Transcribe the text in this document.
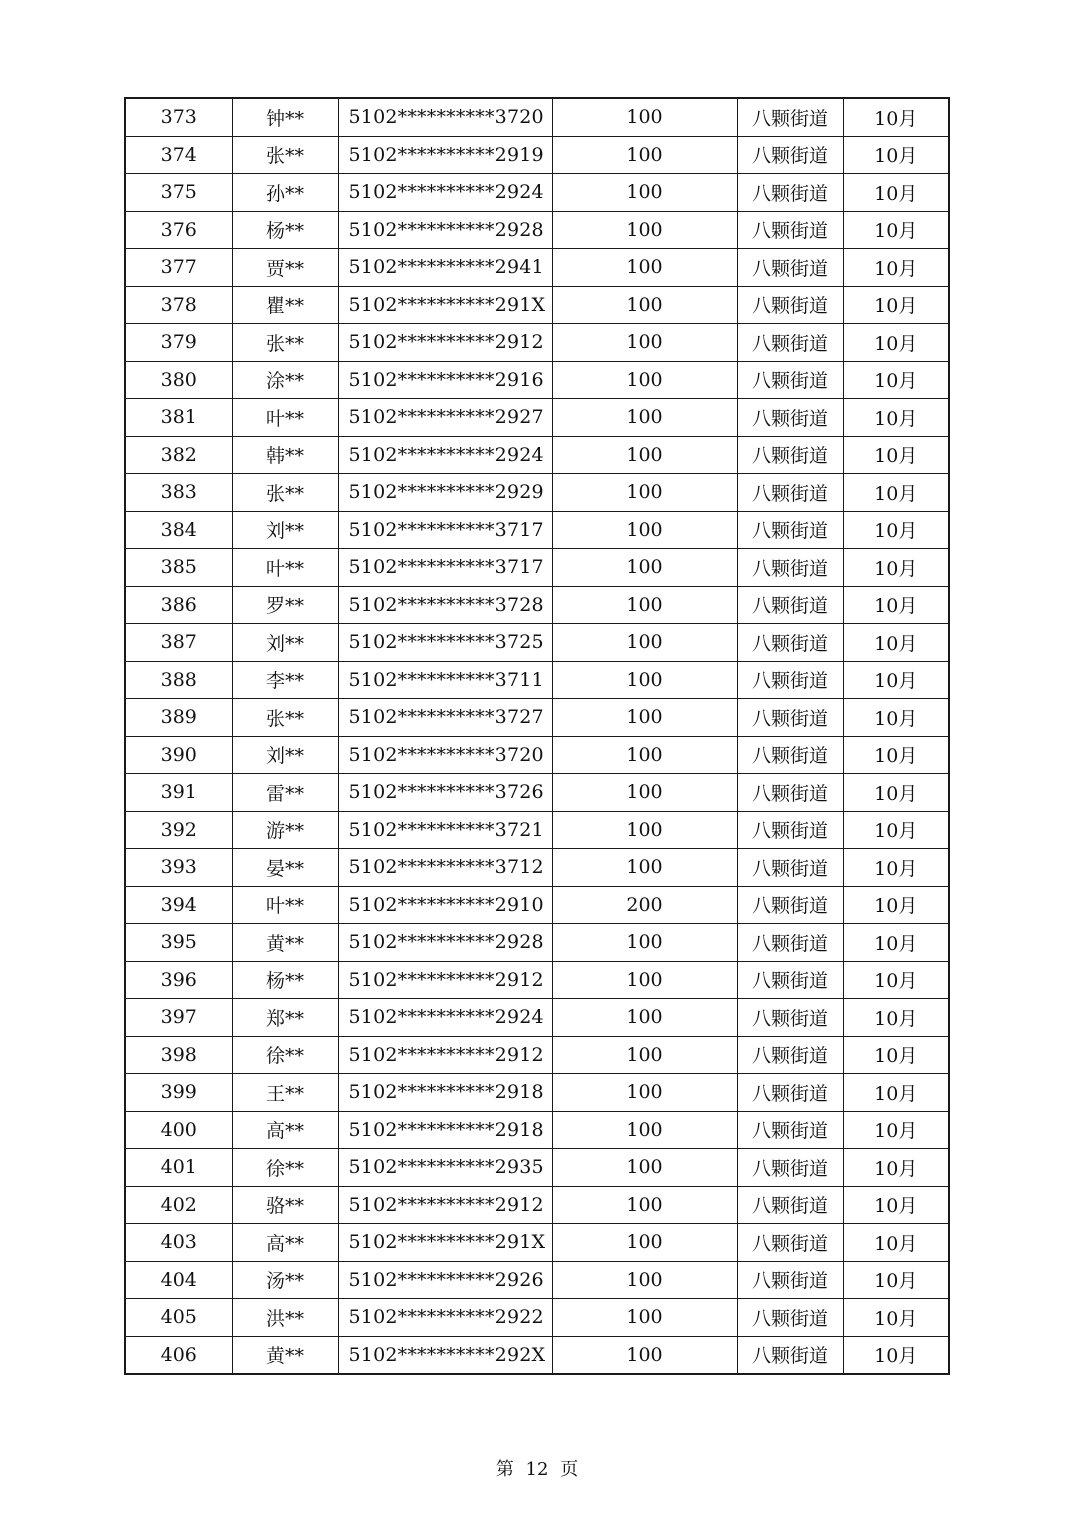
373	钟**	5102**********3720	100	八颗街道	10月
374	张**	5102**********2919	100	八颗街道	10月
375	孙**	5102**********2924	100	八颗街道	10月
376	杨**	5102**********2928	100	八颗街道	10月
377	贾**	5102**********2941	100	八颗街道	10月
378	瞿**	5102**********291X	100	八颗街道	10月
379	张**	5102**********2912	100	八颗街道	10月
380	涂**	5102**********2916	100	八颗街道	10月
381	叶**	5102**********2927	100	八颗街道	10月
382	韩**	5102**********2924	100	八颗街道	10月
383	张**	5102**********2929	100	八颗街道	10月
384	刘**	5102**********3717	100	八颗街道	10月
385	叶**	5102**********3717	100	八颗街道	10月
386	罗**	5102**********3728	100	八颗街道	10月
387	刘**	5102**********3725	100	八颗街道	10月
388	李**	5102**********3711	100	八颗街道	10月
389	张**	5102**********3727	100	八颗街道	10月
390	刘**	5102**********3720	100	八颗街道	10月
391	雷**	5102**********3726	100	八颗街道	10月
392	游**	5102**********3721	100	八颗街道	10月
393	晏**	5102**********3712	100	八颗街道	10月
394	叶**	5102**********2910	200	八颗街道	10月
395	黄**	5102**********2928	100	八颗街道	10月
396	杨**	5102**********2912	100	八颗街道	10月
397	郑**	5102**********2924	100	八颗街道	10月
398	徐**	5102**********2912	100	八颗街道	10月
399	王**	5102**********2918	100	八颗街道	10月
400	高**	5102**********2918	100	八颗街道	10月
401	徐**	5102**********2935	100	八颗街道	10月
402	骆**	5102**********2912	100	八颗街道	10月
403	高**	5102**********291X	100	八颗街道	10月
404	汤**	5102**********2926	100	八颗街道	10月
405	洪**	5102**********2922	100	八颗街道	10月
406	黄**	5102**********292X	100	八颗街道	10月
第 12 页
